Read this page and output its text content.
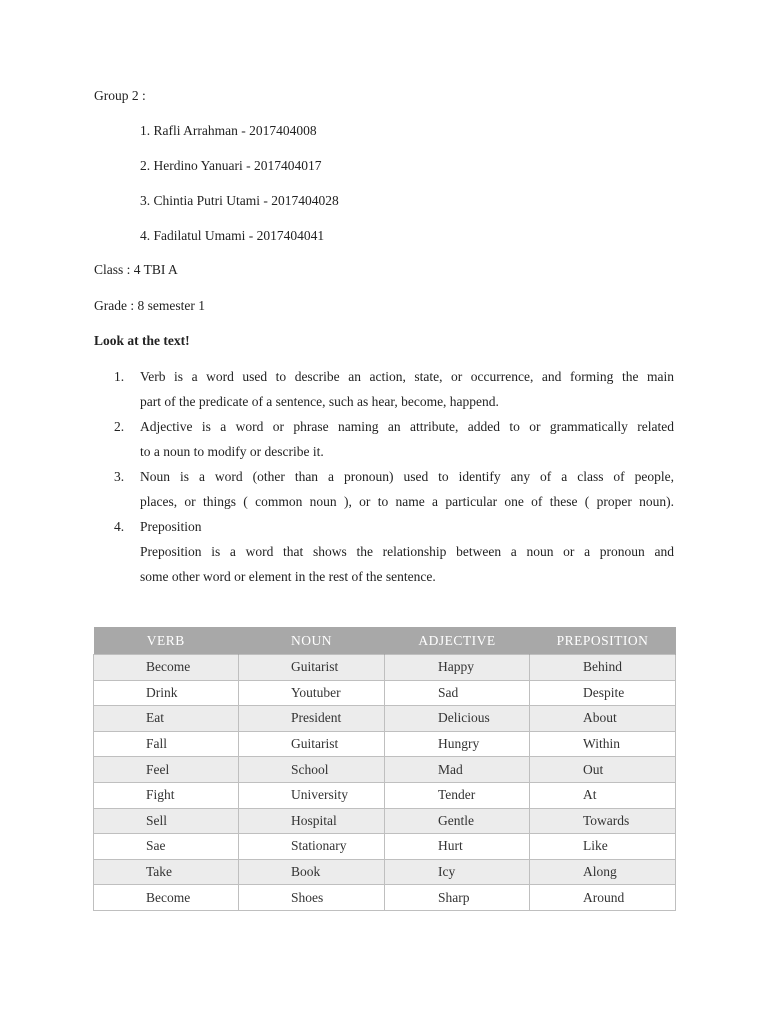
Group 2 :
1. Rafli Arrahman - 2017404008
2. Herdino Yanuari - 2017404017
3. Chintia Putri Utami - 2017404028
4. Fadilatul Umami - 2017404041
Class : 4 TBI A
Grade : 8 semester 1
Look at the text!
1. Verb is a word used to describe an action, state, or occurrence, and forming the main

part of the predicate of a sentence, such as hear, become, happend.

2. Adjective is a word or phrase naming an attribute, added to or grammatically related

to a noun to modify or describe it.

3. Noun is a word (other than a pronoun) used to identify any of a class of people,

places, or things ( common noun ), or to name a particular one of these ( proper noun).

4. Preposition

Preposition is a word that shows the relationship between a noun or a pronoun and

some other word or element in the rest of the sentence.

VERB	NOUN	ADJECTIVE	PREPOSITION
Become	Guitarist	Happy	Behind
Drink	Youtuber	Sad	Despite
Eat	President	Delicious	About
Fall	Guitarist	Hungry	Within
Feel	School	Mad	Out
Fight	University	Tender	At
Sell	Hospital	Gentle	Towards
Sae	Stationary	Hurt	Like
Take	Book	Icy	Along
Become	Shoes	Sharp	Around
